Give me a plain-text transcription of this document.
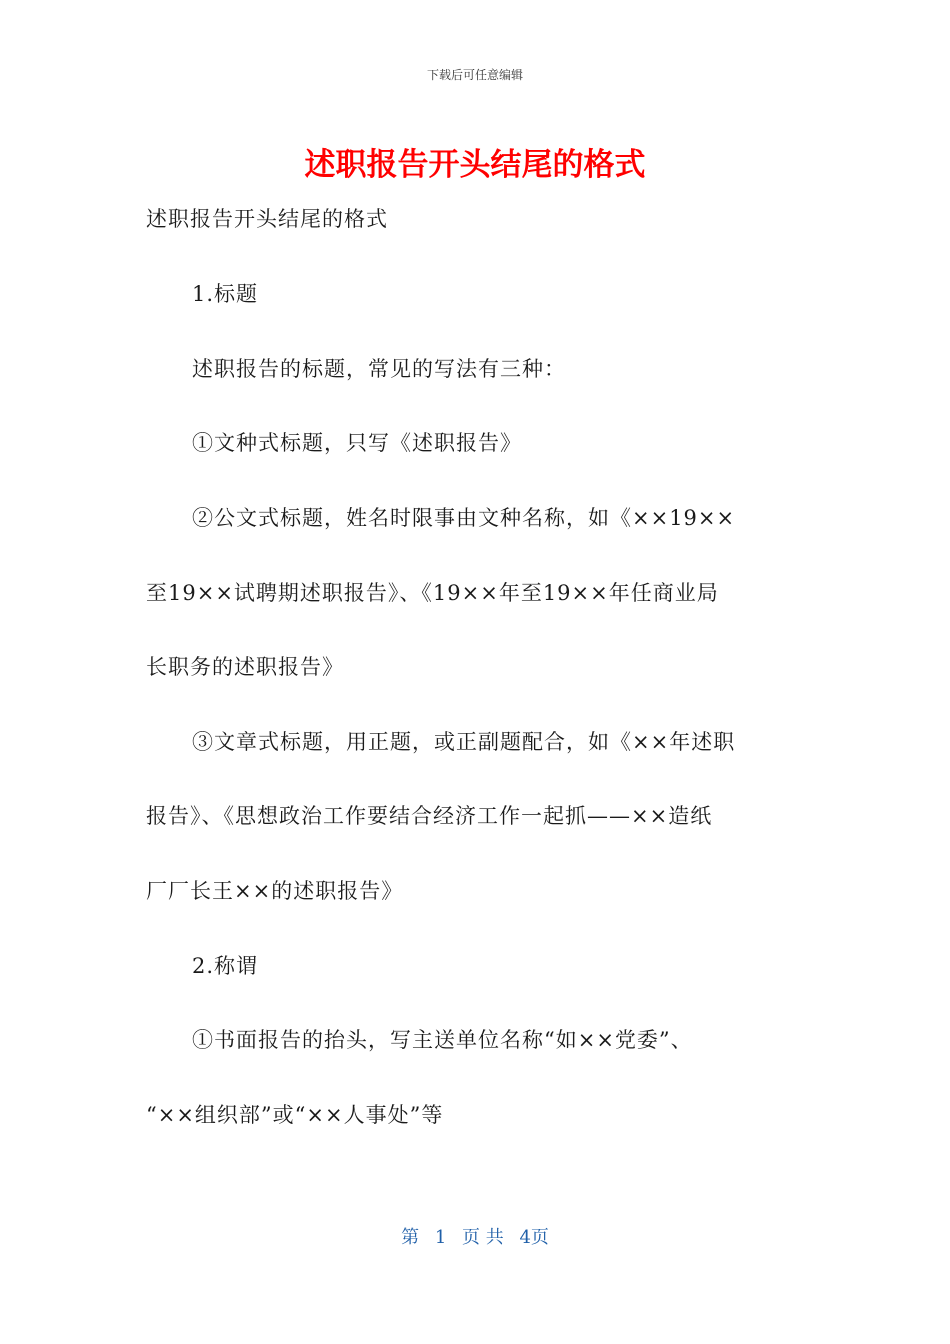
下载后可任意编辑
述职报告开头结尾的格式
述职报告开头结尾的格式
1.标题
述职报告的标题，常见的写法有三种：
①文种式标题，只写《述职报告》
②公文式标题，姓名时限事由文种名称，如《××19××
至19××试聘期述职报告》、《19××年至19××年任商业局
长职务的述职报告》
③文章式标题，用正题，或正副题配合，如《××年述职
报告》、《思想政治工作要结合经济工作一起抓——××造纸
厂厂长王××的述职报告》
2.称谓
①书面报告的抬头，写主送单位名称“如××党委”、
“××组织部”或“××人事处”等
第 1 页 共 4页
